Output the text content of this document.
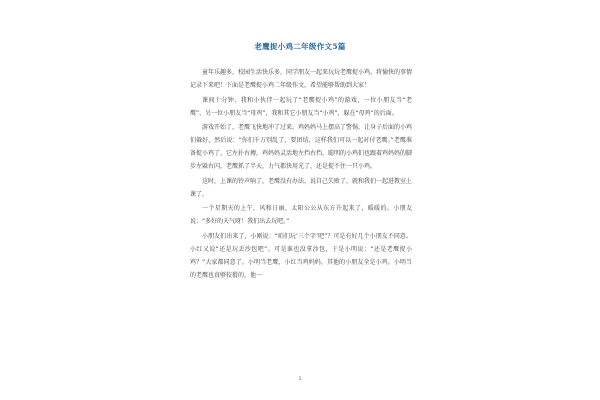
老鹰捉小鸡二年级作文5篇

童年乐趣多，校园生活快乐多，同学朋友一起来玩玩老鹰捉小鸡。将愉快的事情记录下来吧！下面是老鹰捉小鸡二年级作文，希望能够帮助到大家！

课间十分钟，我和小伙伴一起玩了“老鹰捉小鸡”的游戏，一位小朋友当“老鹰”，另一位小朋友当“母鸡”，我和其它小朋友当“小鸡”，躲在“母鸡”的后面。

游戏开始了，老鹰飞快地冲了过来，鸡妈妈马上摆高了警惕，让身子后面的小鸡们躲好，然后说：“你们千万别乱了，要团结，这样我们可以一起对付老鹰。”老鹰准备捉小鸡了，它左扑右搏，鸡妈妈灵活地左挡右挡，聪明的小鸡们也跟着鸡妈妈的脚步左躲右闪，老鹰抓了半天，力气都快用光了，还是捉不住一只小鸡。

这时，上课的铃声响了，老鹰没有办法，说自己失败了，就和我们一起进教室上课了。

一个星期天的上午，风和日丽，太阳公公从东方升起来了，暖暖的。小朋友说：“多好的天气呀！我们出去玩吧。”

小朋友们出来了，小刚说：“咱们玩‘三个字’吧”？可是有好几个小朋友不同意。小红又说“还是玩丢沙包吧”。可是谁也没拿沙包，于是小明说：“还是老鹰捉小鸡？”大家都同意了。小明当老鹰，小红当鸡妈妈，其他的小朋友全是小鸡。小明当的老鹰也真够狡猾的，他一

1
